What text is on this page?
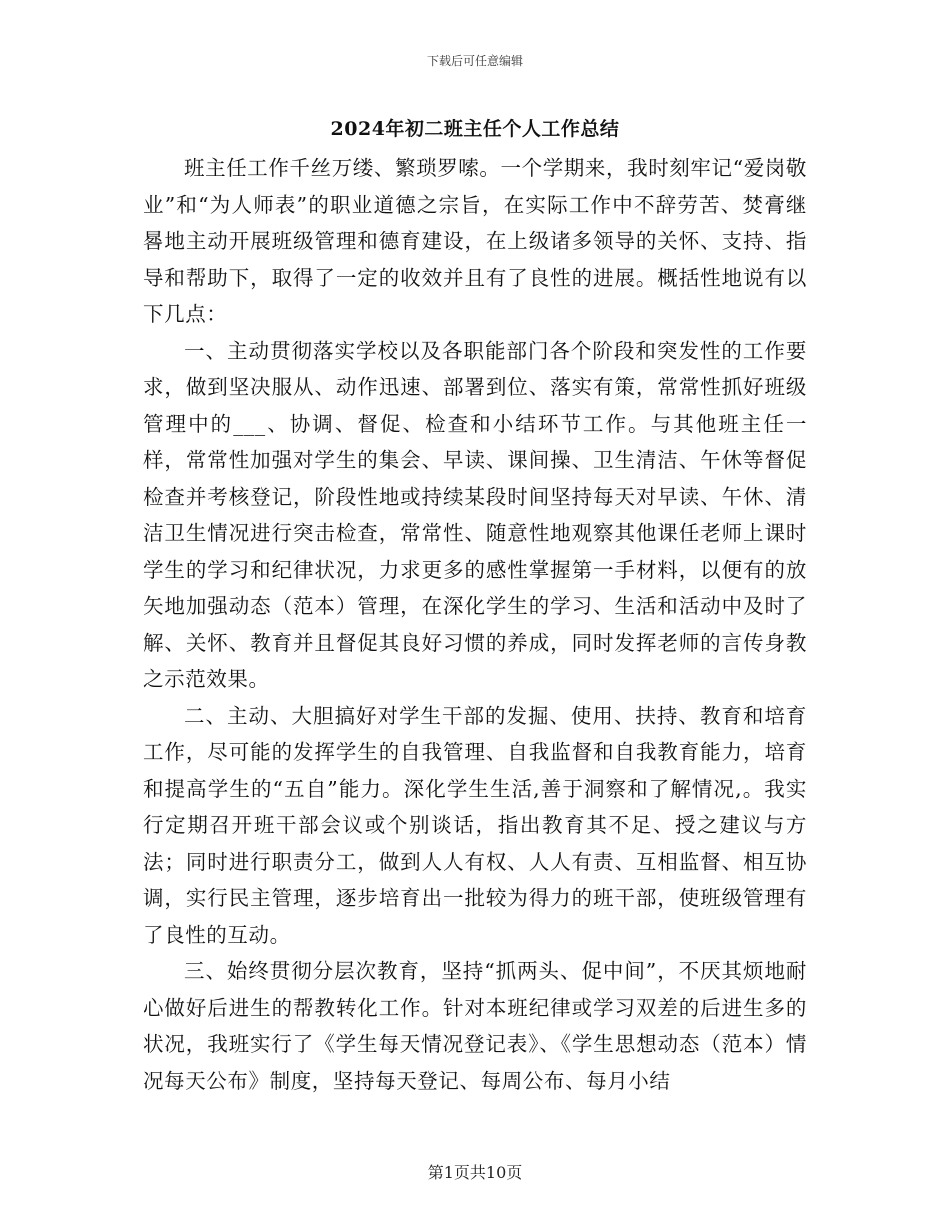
下载后可任意编辑
2024年初二班主任个人工作总结

班主任工作千丝万缕、繁琐罗嗦。一个学期来，我时刻牢记“爱岗敬业”和“为人师表”的职业道德之宗旨，在实际工作中不辞劳苦、焚膏继晷地主动开展班级管理和德育建设，在上级诸多领导的关怀、支持、指导和帮助下，取得了一定的收效并且有了良性的进展。概括性地说有以下几点：

一、主动贯彻落实学校以及各职能部门各个阶段和突发性的工作要求，做到坚决服从、动作迅速、部署到位、落实有策，常常性抓好班级管理中的___、协调、督促、检查和小结环节工作。与其他班主任一样，常常性加强对学生的集会、早读、课间操、卫生清洁、午休等督促检查并考核登记，阶段性地或持续某段时间坚持每天对早读、午休、清洁卫生情况进行突击检查，常常性、随意性地观察其他课任老师上课时学生的学习和纪律状况，力求更多的感性掌握第一手材料，以便有的放矢地加强动态（范本）管理，在深化学生的学习、生活和活动中及时了解、关怀、教育并且督促其良好习惯的养成，同时发挥老师的言传身教之示范效果。

二、主动、大胆搞好对学生干部的发掘、使用、扶持、教育和培育工作，尽可能的发挥学生的自我管理、自我监督和自我教育能力，培育和提高学生的“五自”能力。深化学生生活,善于洞察和了解情况,。我实行定期召开班干部会议或个别谈话，指出教育其不足、授之建议与方法；同时进行职责分工，做到人人有权、人人有责、互相监督、相互协调，实行民主管理，逐步培育出一批较为得力的班干部，使班级管理有了良性的互动。

三、始终贯彻分层次教育，坚持“抓两头、促中间”，不厌其烦地耐心做好后进生的帮教转化工作。针对本班纪律或学习双差的后进生多的状况，我班实行了《学生每天情况登记表》、《学生思想动态（范本）情况每天公布》制度，坚持每天登记、每周公布、每月小结

第1页共10页
